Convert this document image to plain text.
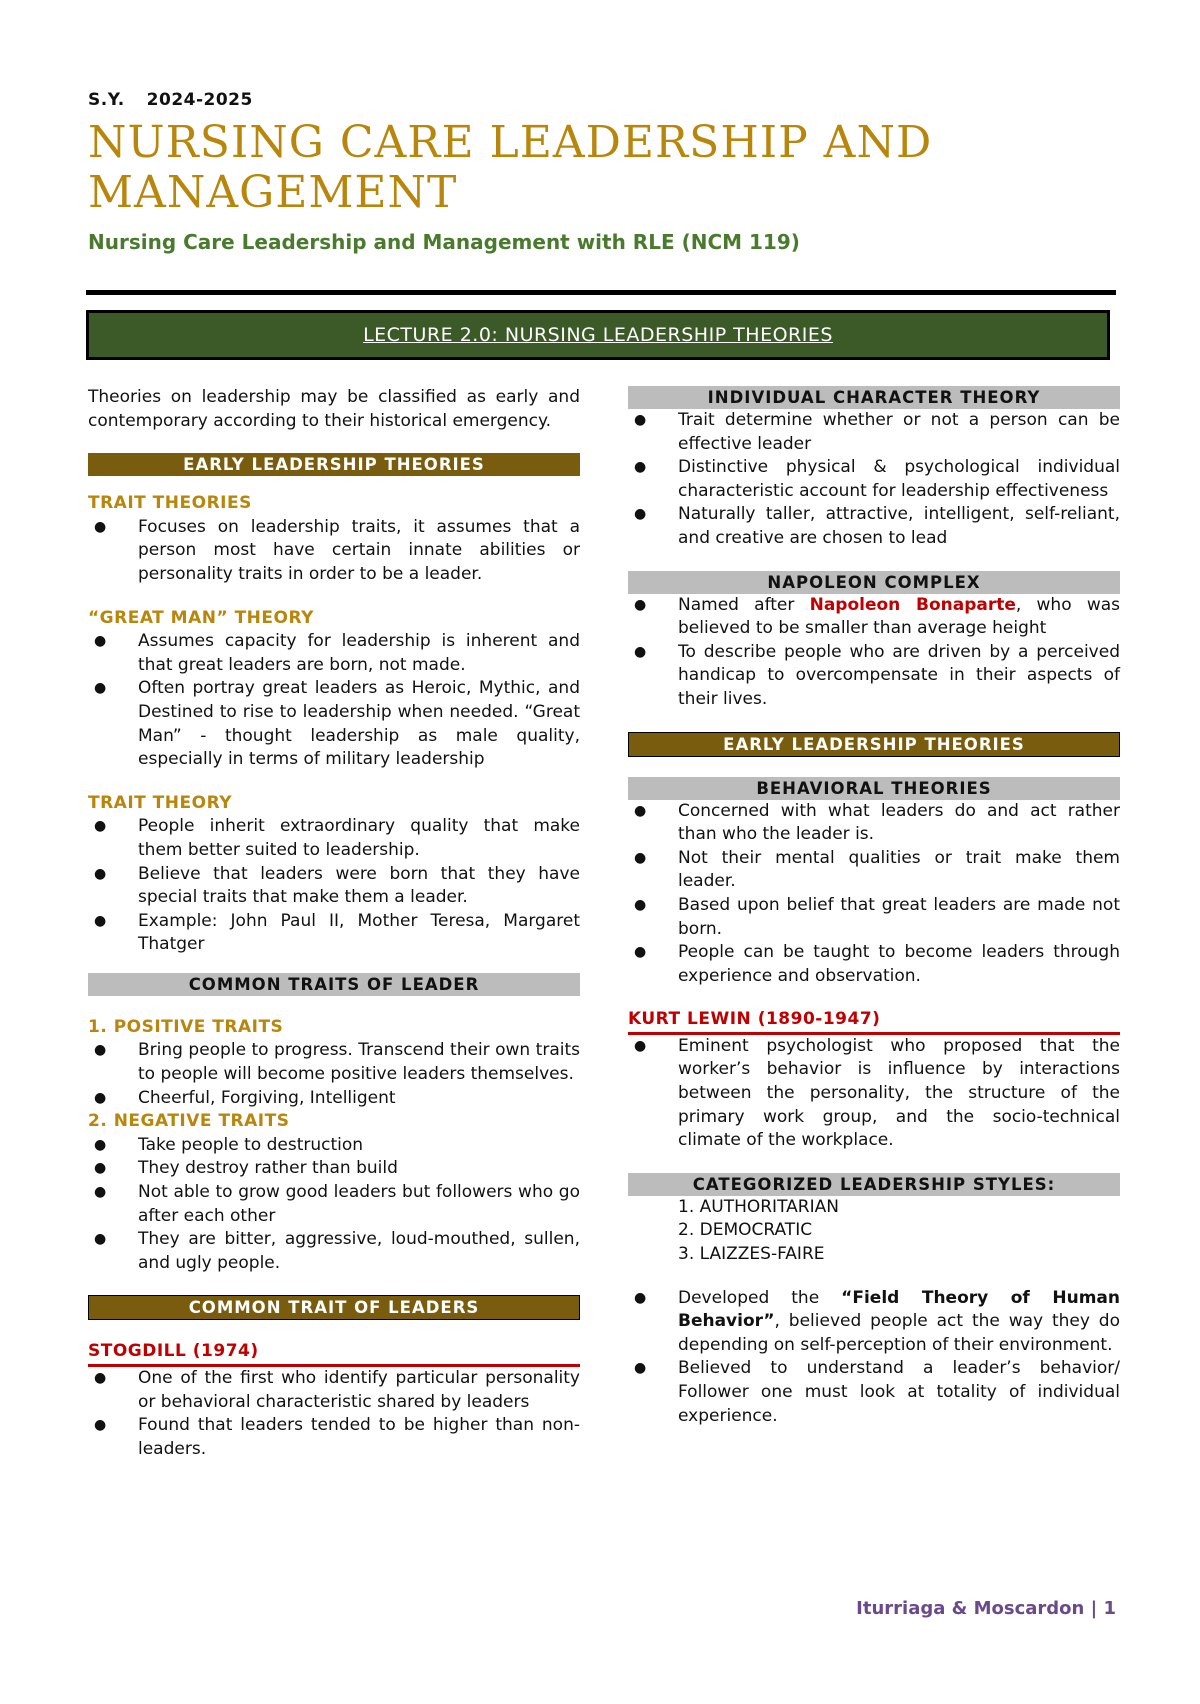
S.Y. 2024-2025
NURSING CARE LEADERSHIP AND MANAGEMENT
Nursing Care Leadership and Management with RLE (NCM 119)
LECTURE 2.0: NURSING LEADERSHIP THEORIES

Theories on leadership may be classified as early and contemporary according to their historical emergency.

EARLY LEADERSHIP THEORIES
TRAIT THEORIES
● Focuses on leadership traits, it assumes that a person most have certain innate abilities or personality traits in order to be a leader.
“GREAT MAN” THEORY
● Assumes capacity for leadership is inherent and that great leaders are born, not made.
● Often portray great leaders as Heroic, Mythic, and Destined to rise to leadership when needed. “Great Man” - thought leadership as male quality, especially in terms of military leadership
TRAIT THEORY
● People inherit extraordinary quality that make them better suited to leadership.
● Believe that leaders were born that they have special traits that make them a leader.
● Example: John Paul II, Mother Teresa, Margaret Thatger
COMMON TRAITS OF LEADER
1. POSITIVE TRAITS
● Bring people to progress. Transcend their own traits to people will become positive leaders themselves.
● Cheerful, Forgiving, Intelligent
2. NEGATIVE TRAITS
● Take people to destruction
● They destroy rather than build
● Not able to grow good leaders but followers who go after each other
● They are bitter, aggressive, loud-mouthed, sullen, and ugly people.
COMMON TRAIT OF LEADERS
STOGDILL (1974)
● One of the first who identify particular personality or behavioral characteristic shared by leaders
● Found that leaders tended to be higher than non-leaders.
INDIVIDUAL CHARACTER THEORY
● Trait determine whether or not a person can be effective leader
● Distinctive physical & psychological individual characteristic account for leadership effectiveness
● Naturally taller, attractive, intelligent, self-reliant, and creative are chosen to lead
NAPOLEON COMPLEX
● Named after Napoleon Bonaparte, who was believed to be smaller than average height
● To describe people who are driven by a perceived handicap to overcompensate in their aspects of their lives.
EARLY LEADERSHIP THEORIES
BEHAVIORAL THEORIES
● Concerned with what leaders do and act rather than who the leader is.
● Not their mental qualities or trait make them leader.
● Based upon belief that great leaders are made not born.
● People can be taught to become leaders through experience and observation.
KURT LEWIN (1890-1947)
● Eminent psychologist who proposed that the worker’s behavior is influence by interactions between the personality, the structure of the primary work group, and the socio-technical climate of the workplace.
CATEGORIZED LEADERSHIP STYLES:
1. AUTHORITARIAN
2. DEMOCRATIC
3. LAIZZES-FAIRE
● Developed the “Field Theory of Human Behavior”, believed people act the way they do depending on self-perception of their environment.
● Believed to understand a leader’s behavior/ Follower one must look at totality of individual experience.
Iturriaga & Moscardon | 1
